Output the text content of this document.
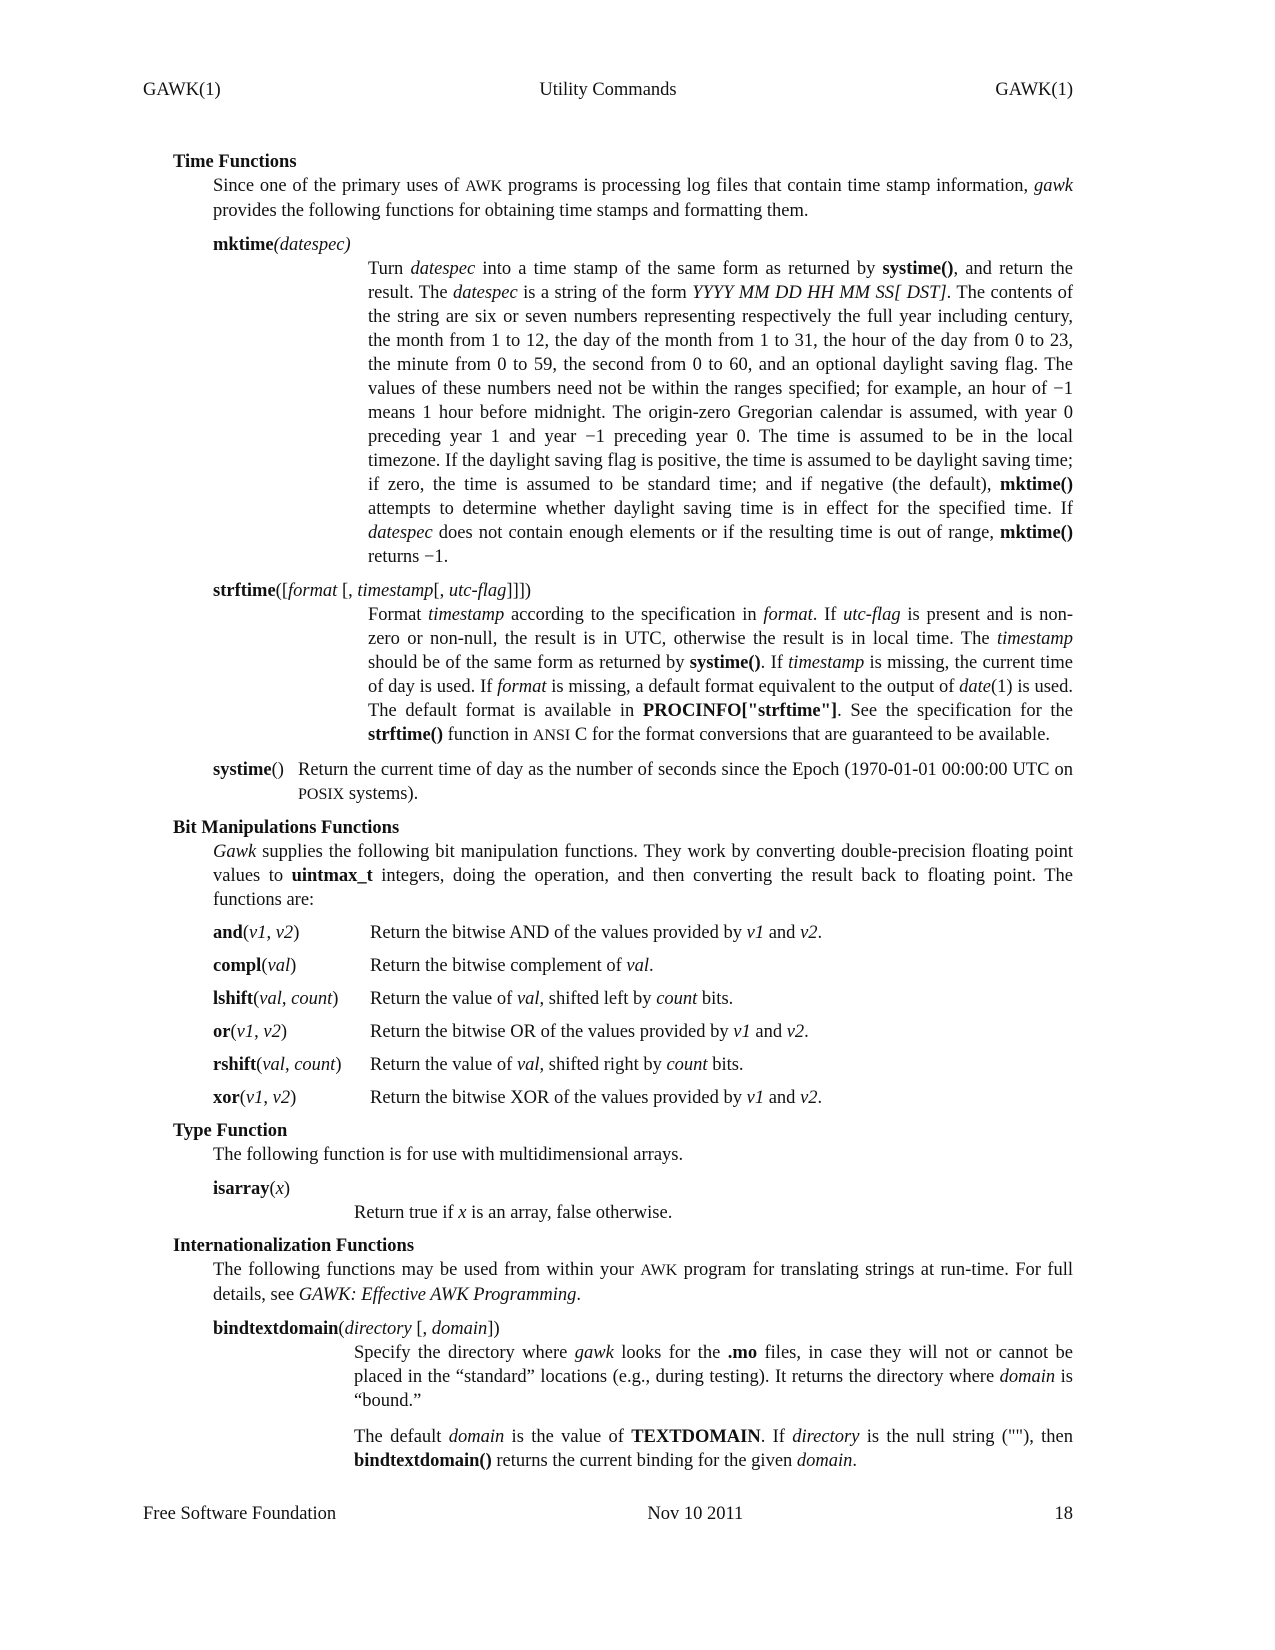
GAWK(1)	Utility Commands	GAWK(1)
Time Functions
Since one of the primary uses of AWK programs is processing log files that contain time stamp information, gawk provides the following functions for obtaining time stamps and formatting them.
mktime(datespec)
Turn datespec into a time stamp of the same form as returned by systime(), and return the result. The datespec is a string of the form YYYY MM DD HH MM SS[ DST]. The contents of the string are six or seven numbers representing respectively the full year including century, the month from 1 to 12, the day of the month from 1 to 31, the hour of the day from 0 to 23, the minute from 0 to 59, the second from 0 to 60, and an optional daylight saving flag. The values of these numbers need not be within the ranges specified; for example, an hour of −1 means 1 hour before midnight. The origin-zero Gregorian calendar is assumed, with year 0 preceding year 1 and year −1 preceding year 0. The time is assumed to be in the local timezone. If the daylight saving flag is positive, the time is assumed to be daylight saving time; if zero, the time is assumed to be standard time; and if negative (the default), mktime() attempts to determine whether daylight saving time is in effect for the specified time. If datespec does not contain enough elements or if the resulting time is out of range, mktime() returns −1.
strftime([format [, timestamp[, utc-flag]]])
Format timestamp according to the specification in format. If utc-flag is present and is non-zero or non-null, the result is in UTC, otherwise the result is in local time. The timestamp should be of the same form as returned by systime(). If timestamp is missing, the current time of day is used. If format is missing, a default format equivalent to the output of date(1) is used. The default format is available in PROCINFO["strftime"]. See the specification for the strftime() function in ANSI C for the format conversions that are guaranteed to be available.
systime() Return the current time of day as the number of seconds since the Epoch (1970-01-01 00:00:00 UTC on POSIX systems).
Bit Manipulations Functions
Gawk supplies the following bit manipulation functions. They work by converting double-precision floating point values to uintmax_t integers, doing the operation, and then converting the result back to floating point. The functions are:
and(v1, v2)	Return the bitwise AND of the values provided by v1 and v2.
compl(val)	Return the bitwise complement of val.
lshift(val, count)	Return the value of val, shifted left by count bits.
or(v1, v2)	Return the bitwise OR of the values provided by v1 and v2.
rshift(val, count)	Return the value of val, shifted right by count bits.
xor(v1, v2)	Return the bitwise XOR of the values provided by v1 and v2.
Type Function
The following function is for use with multidimensional arrays.
isarray(x)
Return true if x is an array, false otherwise.
Internationalization Functions
The following functions may be used from within your AWK program for translating strings at run-time. For full details, see GAWK: Effective AWK Programming.
bindtextdomain(directory [, domain])
Specify the directory where gawk looks for the .mo files, in case they will not or cannot be placed in the “standard” locations (e.g., during testing). It returns the directory where domain is “bound.”
The default domain is the value of TEXTDOMAIN. If directory is the null string (""), then bindtextdomain() returns the current binding for the given domain.
Free Software Foundation	Nov 10 2011	18
